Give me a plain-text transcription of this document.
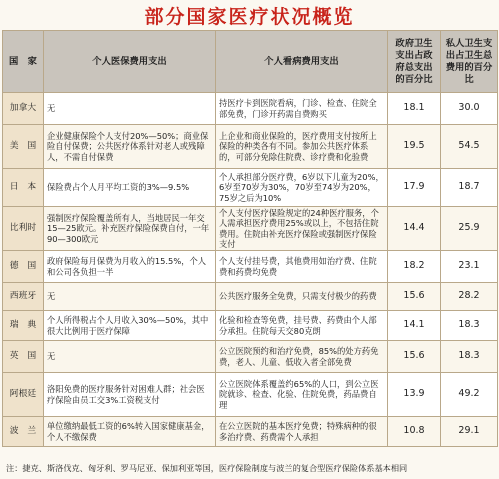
部分国家医疗状况概览
国　家	个人医保费用支出	个人看病费用支出	政府卫生支出占政府总支出的百分比	私人卫生支出占卫生总费用的百分比
加拿大	无	持医疗卡到医院看病，门诊、检查、住院全部免费，门诊开药需自费购买	18.1	30.0
美　国	企业健康保险个人支付20%—50%；商业保险自付保费；公共医疗体系针对老人或残障人，不需自付保费	上企业和商业保险的，医疗费用支付按所上保险的种类各有不同。参加公共医疗体系的，可部分免除住院费、诊疗费和化验费	19.5	54.5
日　本	保险费占个人月平均工资的3%—9.5%	个人承担部分医疗费，6岁以下儿童为20%，6岁至70岁为30%，70岁至74岁为20%，75岁之后为10%	17.9	18.7
比利时	强制医疗保险覆盖所有人，当地居民一年交15—25欧元。补充医疗保险保费自付，一年90—300欧元	个人支付医疗保险规定的24种医疗服务，个人需承担医疗费用25%或以上，不包括住院费用。住院由补充医疗保险或强制医疗保险支付	14.4	25.9
德　国	政府保险每月保费为月收入的15.5%，个人和公司各负担一半	个人支付挂号费，其他费用如治疗费、住院费和药费均免费	18.2	23.1
西班牙	无	公共医疗服务全免费，只需支付极少的药费	15.6	28.2
瑞　典	个人所得税占个人月收入30%—50%，其中很大比例用于医疗保障	化验和检查等免费，挂号费、药费由个人部分承担。住院每天交80克朗	14.1	18.3
英　国	无	公立医院预约和治疗免费，85%的处方药免费，老人、儿童、低收入者全部免费	15.6	18.3
阿根廷	洛阳免费的医疗服务针对困难人群；社会医疗保险由员工交3%工资税支付	公立医院体系覆盖约65%的人口，到公立医院就诊、检查、化验、住院免费，药品费自理	13.9	49.2
波　兰	单位缴纳最低工资的6%转入国家健康基金，个人不缴保费	在公立医院的基本医疗免费；特殊病种的很多治疗费、药费需个人承担	10.8	29.1
注：捷克、斯洛伐克、匈牙利、罗马尼亚、保加利亚等国，医疗保险制度与波兰的复合型医疗保险体系基本相同
